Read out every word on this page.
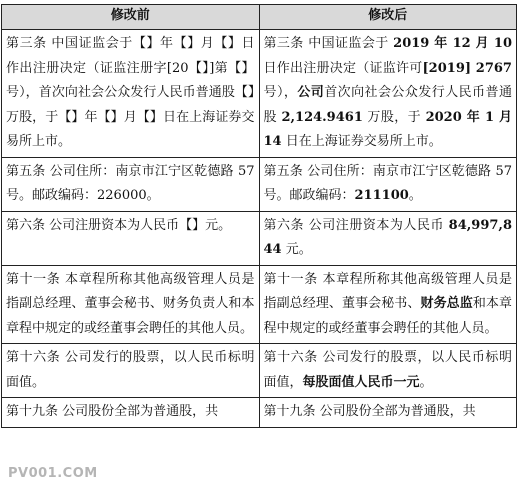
修改前	修改后
第三条 中国证监会于【】年【】月【】日作出注册决定（证监注册字[20【】]第【】号），首次向社会公众发行人民币普通股【】万股，于【】年【】月【】日在上海证券交易所上市。	第三条 中国证监会于 2019 年 12 月 10日作出注册决定（证监许可[2019] 2767号），公司首次向社会公众发行人民币普通股 2,124.9461 万股，于 2020 年 1 月 14 日在上海证券交易所上市。
第五条 公司住所：南京市江宁区乾德路 57 号。邮政编码：226000。	第五条 公司住所：南京市江宁区乾德路 57 号。邮政编码：211100。
第六条 公司注册资本为人民币【】元。	第六条 公司注册资本为人民币 84,997,844 元。
第十一条 本章程所称其他高级管理人员是指副总经理、董事会秘书、财务负责人和本章程中规定的或经董事会聘任的其他人员。	第十一条 本章程所称其他高级管理人员是指副总经理、董事会秘书、财务总监和本章程中规定的或经董事会聘任的其他人员。
第十六条 公司发行的股票，以人民币标明面值。	第十六条 公司发行的股票，以人民币标明面值，每股面值人民币一元。
第十九条 公司股份全部为普通股，共	第十九条 公司股份全部为普通股，共
PV001.COM
